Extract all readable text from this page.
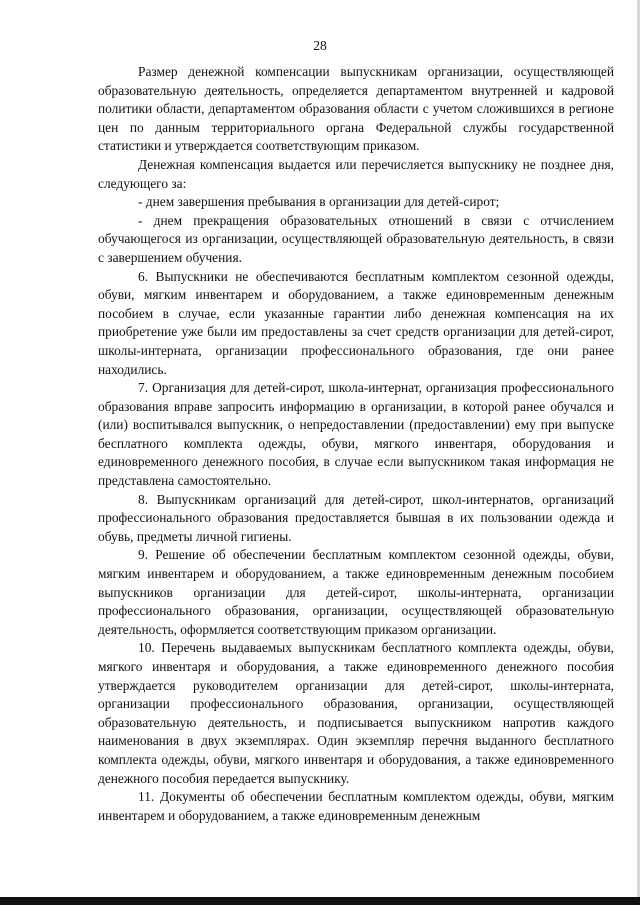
28

Размер денежной компенсации выпускникам организации, осуществляющей образовательную деятельность, определяется департаментом внутренней и кадровой политики области, департаментом образования области с учетом сложившихся в регионе цен по данным территориального органа Федеральной службы государственной статистики и утверждается соответствующим приказом.

Денежная компенсация выдается или перечисляется выпускнику не позднее дня, следующего за:

- днем завершения пребывания в организации для детей-сирот;

- днем прекращения образовательных отношений в связи с отчислением обучающегося из организации, осуществляющей образовательную деятельность, в связи с завершением обучения.

6. Выпускники не обеспечиваются бесплатным комплектом сезонной одежды, обуви, мягким инвентарем и оборудованием, а также единовременным денежным пособием в случае, если указанные гарантии либо денежная компенсация на их приобретение уже были им предоставлены за счет средств организации для детей-сирот, школы-интерната, организации профессионального образования, где они ранее находились.

7. Организация для детей-сирот, школа-интернат, организация профессионального образования вправе запросить информацию в организации, в которой ранее обучался и (или) воспитывался выпускник, о непредоставлении (предоставлении) ему при выпуске бесплатного комплекта одежды, обуви, мягкого инвентаря, оборудования и единовременного денежного пособия, в случае если выпускником такая информация не представлена самостоятельно.

8. Выпускникам организаций для детей-сирот, школ-интернатов, организаций профессионального образования предоставляется бывшая в их пользовании одежда и обувь, предметы личной гигиены.

9. Решение об обеспечении бесплатным комплектом сезонной одежды, обуви, мягким инвентарем и оборудованием, а также единовременным денежным пособием выпускников организации для детей-сирот, школы-интерната, организации профессионального образования, организации, осуществляющей образовательную деятельность, оформляется соответствующим приказом организации.

10. Перечень выдаваемых выпускникам бесплатного комплекта одежды, обуви, мягкого инвентаря и оборудования, а также единовременного денежного пособия утверждается руководителем организации для детей-сирот, школы-интерната, организации профессионального образования, организации, осуществляющей образовательную деятельность, и подписывается выпускником напротив каждого наименования в двух экземплярах. Один экземпляр перечня выданного бесплатного комплекта одежды, обуви, мягкого инвентаря и оборудования, а также единовременного денежного пособия передается выпускнику.

11. Документы об обеспечении бесплатным комплектом одежды, обуви, мягким инвентарем и оборудованием, а также единовременным денежным
